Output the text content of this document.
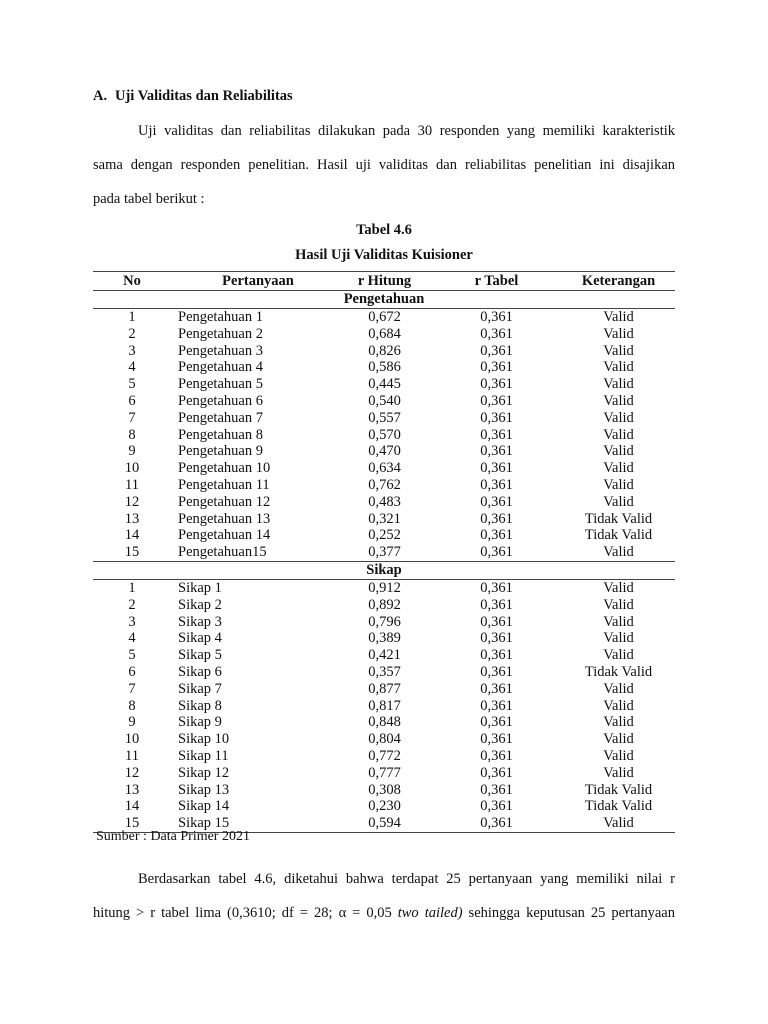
A. Uji Validitas dan Reliabilitas
Uji validitas dan reliabilitas dilakukan pada 30 responden yang memiliki karakteristik
sama dengan responden penelitian. Hasil uji validitas dan reliabilitas penelitian ini disajikan
pada tabel berikut :
Tabel 4.6
Hasil Uji Validitas Kuisioner
No	Pertanyaan	r Hitung	r Tabel	Keterangan
Pengetahuan				
1	Pengetahuan 1	0,672	0,361	Valid
2	Pengetahuan 2	0,684	0,361	Valid
3	Pengetahuan 3	0,826	0,361	Valid
4	Pengetahuan 4	0,586	0,361	Valid
5	Pengetahuan 5	0,445	0,361	Valid
6	Pengetahuan 6	0,540	0,361	Valid
7	Pengetahuan 7	0,557	0,361	Valid
8	Pengetahuan 8	0,570	0,361	Valid
9	Pengetahuan 9	0,470	0,361	Valid
10	Pengetahuan 10	0,634	0,361	Valid
11	Pengetahuan 11	0,762	0,361	Valid
12	Pengetahuan 12	0,483	0,361	Valid
13	Pengetahuan 13	0,321	0,361	Tidak Valid
14	Pengetahuan 14	0,252	0,361	Tidak Valid
15	Pengetahuan15	0,377	0,361	Valid
Sikap				
1	Sikap 1	0,912	0,361	Valid
2	Sikap 2	0,892	0,361	Valid
3	Sikap 3	0,796	0,361	Valid
4	Sikap 4	0,389	0,361	Valid
5	Sikap 5	0,421	0,361	Valid
6	Sikap 6	0,357	0,361	Tidak Valid
7	Sikap 7	0,877	0,361	Valid
8	Sikap 8	0,817	0,361	Valid
9	Sikap 9	0,848	0,361	Valid
10	Sikap 10	0,804	0,361	Valid
11	Sikap 11	0,772	0,361	Valid
12	Sikap 12	0,777	0,361	Valid
13	Sikap 13	0,308	0,361	Tidak Valid
14	Sikap 14	0,230	0,361	Tidak Valid
15	Sikap 15	0,594	0,361	Valid
Sumber : Data Primer 2021
Berdasarkan tabel 4.6, diketahui bahwa terdapat 25 pertanyaan yang memiliki nilai r
hitung > r tabel lima (0,3610; df = 28; α = 0,05 two tailed) sehingga keputusan 25 pertanyaan
